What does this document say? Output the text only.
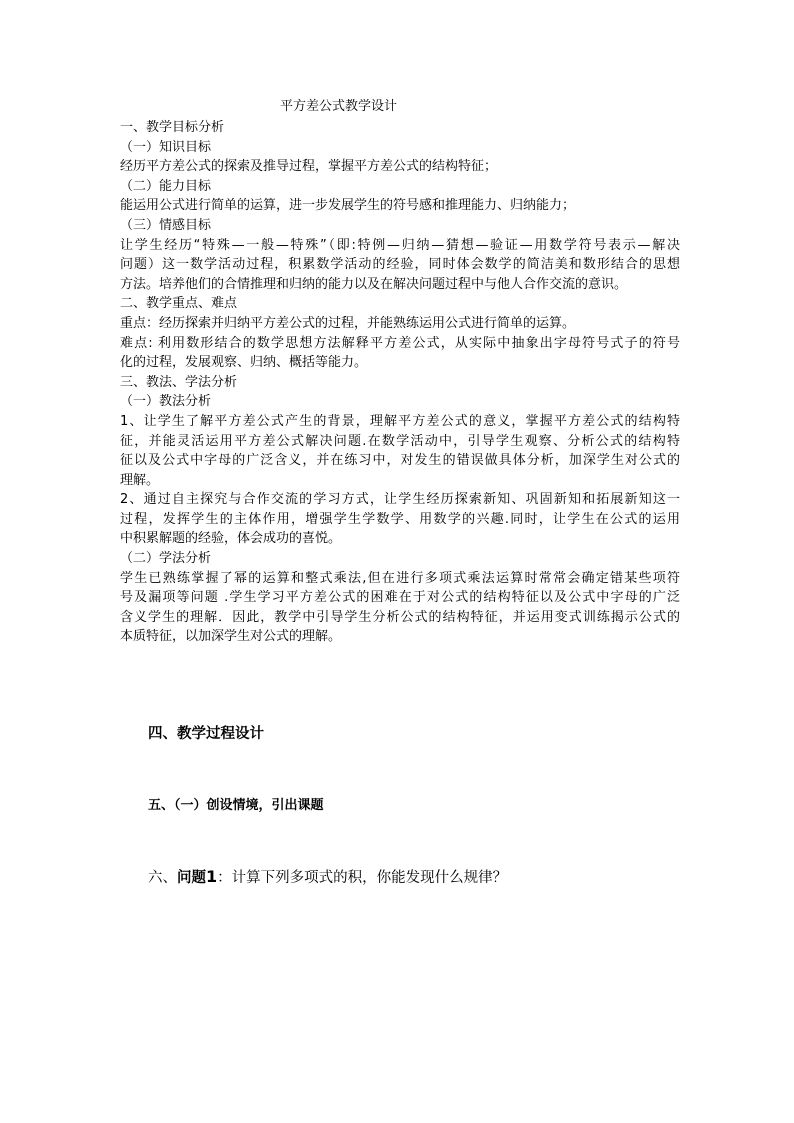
平方差公式教学设计
一、教学目标分析
（一）知识目标
经历平方差公式的探索及推导过程，掌握平方差公式的结构特征；
（二）能力目标
能运用公式进行简单的运算，进一步发展学生的符号感和推理能力、归纳能力；
（三）情感目标
让学生经历“特殊—一般—特殊”（即:特例—归纳—猜想—验证—用数学符号表示—解决
问题）这一数学活动过程，积累数学活动的经验，同时体会数学的简洁美和数形结合的思想
方法。培养他们的合情推理和归纳的能力以及在解决问题过程中与他人合作交流的意识。
二、教学重点、难点
重点：经历探索并归纳平方差公式的过程，并能熟练运用公式进行简单的运算。
难点: 利用数形结合的数学思想方法解释平方差公式，从实际中抽象出字母符号式子的符号
化的过程，发展观察、归纳、概括等能力。
三、教法、学法分析
（一）教法分析
1、让学生了解平方差公式产生的背景，理解平方差公式的意义，掌握平方差公式的结构特
征，并能灵活运用平方差公式解决问题.在数学活动中，引导学生观察、分析公式的结构特
征以及公式中字母的广泛含义，并在练习中，对发生的错误做具体分析，加深学生对公式的
理解。
2、通过自主探究与合作交流的学习方式，让学生经历探索新知、巩固新知和拓展新知这一
过程，发挥学生的主体作用，增强学生学数学、用数学的兴趣.同时，让学生在公式的运用
中积累解题的经验，体会成功的喜悦。
（二）学法分析
学生已熟练掌握了幂的运算和整式乘法,但在进行多项式乘法运算时常常会确定错某些项符
号及漏项等问题 .学生学习平方差公式的困难在于对公式的结构特征以及公式中字母的广泛
含义学生的理解．因此，教学中引导学生分析公式的结构特征，并运用变式训练揭示公式的
本质特征，以加深学生对公式的理解。
四、教学过程设计
五、（一）创设情境，引出课题
六、问题1：计算下列多项式的积，你能发现什么规律？
